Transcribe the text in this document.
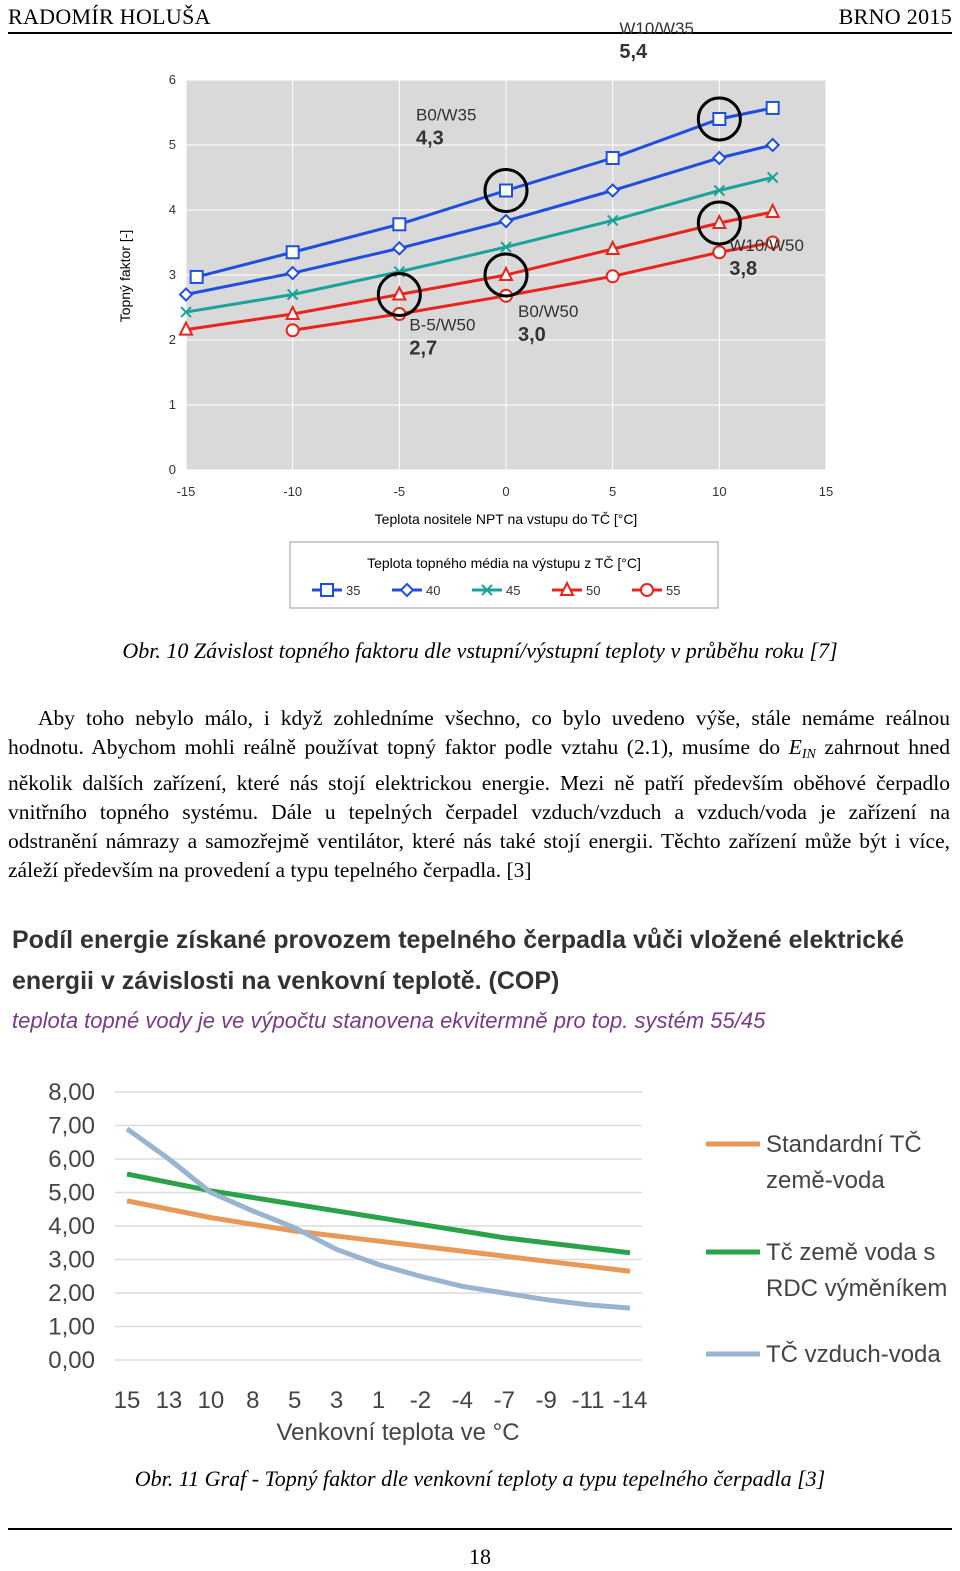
RADOMÍR HOLUŠA	BRNO 2015
0
1
2
3
4
5
6
-15	-10	-5	0	5	10	15
B0/W35
4,3
W10/W35
5,4
B-5/W50
2,7
B0/W50
3,0
W10/W50
3,8
Teplota nositele NPT na vstupu do TČ [°C]
Topný faktor [-]
Teplota topného média na výstupu z TČ [°C]
35	40	45	50	55
Obr. 10 Závislost topného faktoru dle vstupní/výstupní teploty v průběhu roku [7]

Aby toho nebylo málo, i když zohledníme všechno, co bylo uvedeno výše, stále nemáme reálnou hodnotu. Abychom mohli reálně používat topný faktor podle vztahu (2.1), musíme do $E_{IN}$ zahrnout hned několik dalších zařízení, které nás stojí elektrickou energie. Mezi ně patří především oběhové čerpadlo vnitřního topného systému. Dále u tepelných čerpadel vzduch/vzduch a vzduch/voda je zařízení na odstranění námrazy a samozřejmě ventilátor, které nás také stojí energii. Těchto zařízení může být i více, záleží především na provedení a typu tepelného čerpadla. [3]

Podíl energie získané provozem tepelného čerpadla vůči vložené elektrické
energii v závislosti na venkovní teplotě. (COP)
teplota topné vody je ve výpočtu stanovena ekvitermně pro top. systém 55/45
0,00
1,00
2,00
3,00
4,00
5,00
6,00
7,00
8,00
15 13 10 8 5 3 1 -2 -4 -7 -9 -11 -14
Venkovní teplota ve °C
Standardní TČ
země-voda
Tč země voda s
RDC výměníkem
TČ vzduch-voda
Obr. 11 Graf - Topný faktor dle venkovní teploty a typu tepelného čerpadla [3]
18
